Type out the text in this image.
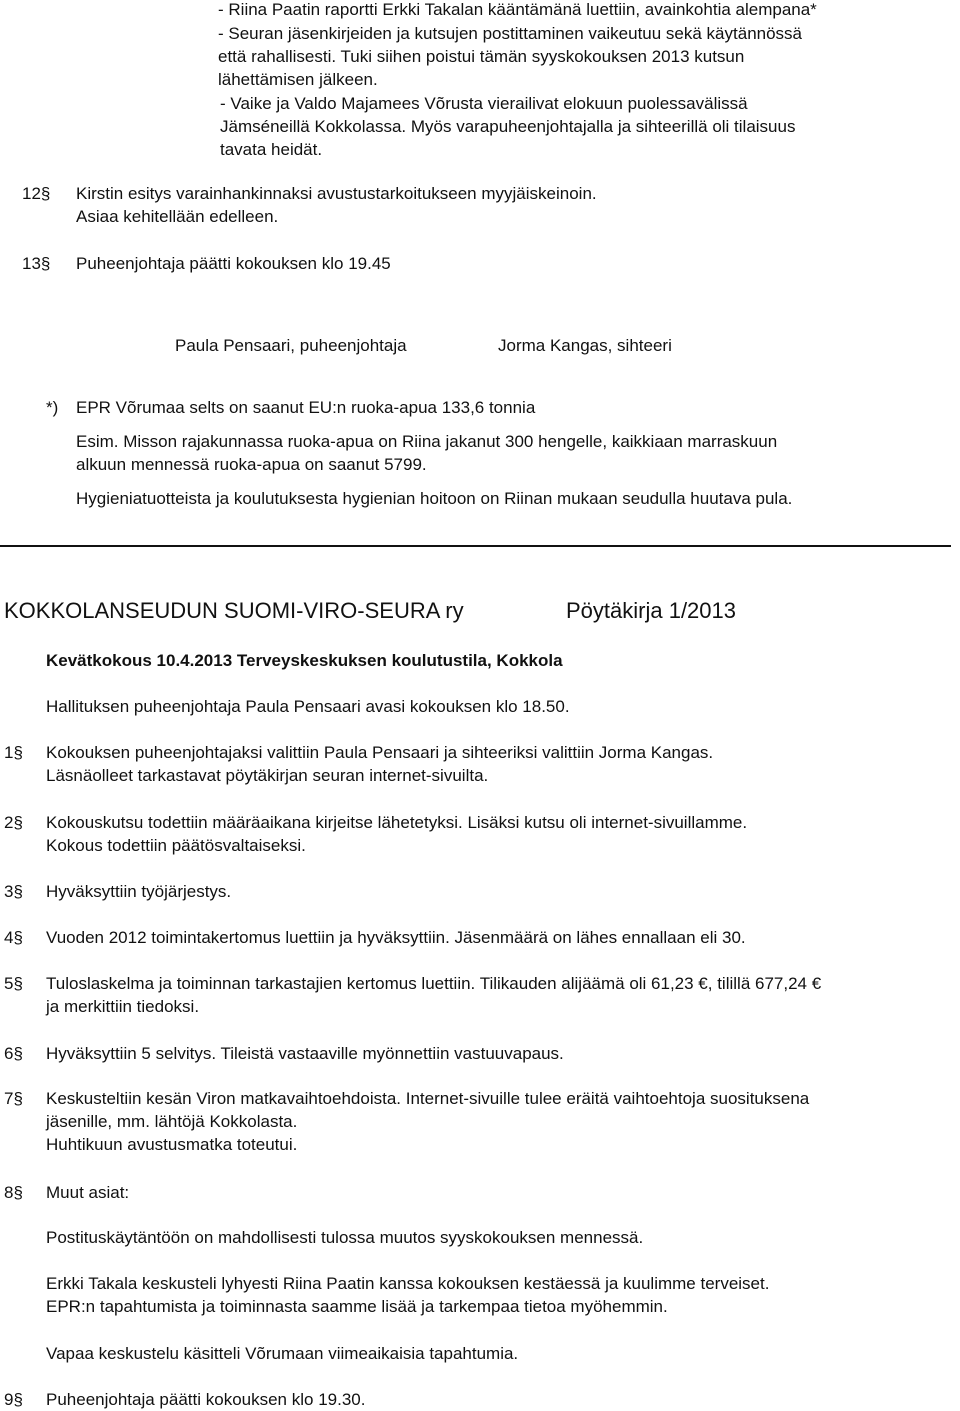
- Riina Paatin raportti Erkki Takalan kääntämänä luettiin, avainkohtia alempana*
- Seuran jäsenkirjeiden ja kutsujen postittaminen vaikeutuu sekä käytännössä
että rahallisesti. Tuki siihen poistui tämän syyskokouksen 2013 kutsun
lähettämisen jälkeen.
- Vaike ja Valdo Majamees Võrusta vierailivat elokuun puolessavälissä
Jämséneillä Kokkolassa. Myös varapuheenjohtajalla ja sihteerillä oli tilaisuus
tavata heidät.
12§ Kirstin esitys varainhankinnaksi avustustarkoitukseen myyjäiskeinoin.
Asiaa kehitellään edelleen.
13§ Puheenjohtaja päätti kokouksen klo 19.45
Paula Pensaari, puheenjohtaja	Jorma Kangas, sihteeri
*) EPR Võrumaa selts on saanut EU:n ruoka-apua 133,6 tonnia
Esim. Misson rajakunnassa ruoka-apua on Riina jakanut 300 hengelle, kaikkiaan marraskuun
alkuun mennessä ruoka-apua on saanut 5799.
Hygieniatuotteista ja koulutuksesta hygienian hoitoon on Riinan mukaan seudulla huutava pula.
KOKKOLANSEUDUN SUOMI-VIRO-SEURA ry	Pöytäkirja 1/2013
Kevätkokous 10.4.2013 Terveyskeskuksen koulutustila, Kokkola
Hallituksen puheenjohtaja Paula Pensaari avasi kokouksen klo 18.50.
1§ Kokouksen puheenjohtajaksi valittiin Paula Pensaari ja sihteeriksi valittiin Jorma Kangas.
Läsnäolleet tarkastavat pöytäkirjan seuran internet-sivuilta.
2§ Kokouskutsu todettiin määräaikana kirjeitse lähetetyksi. Lisäksi kutsu oli internet-sivuillamme.
Kokous todettiin päätösvaltaiseksi.
3§ Hyväksyttiin työjärjestys.
4§ Vuoden 2012 toimintakertomus luettiin ja hyväksyttiin. Jäsenmäärä on lähes ennallaan eli 30.
5§ Tuloslaskelma ja toiminnan tarkastajien kertomus luettiin. Tilikauden alijäämä oli 61,23 €, tilillä 677,24 €
ja merkittiin tiedoksi.
6§ Hyväksyttiin 5 selvitys. Tileistä vastaaville myönnettiin vastuuvapaus.
7§ Keskusteltiin kesän Viron matkavaihtoehdoista. Internet-sivuille tulee eräitä vaihtoehtoja suosituksena
jäsenille, mm. lähtöjä Kokkolasta.
Huhtikuun avustusmatka toteutui.
8§ Muut asiat:
Postituskäytäntöön on mahdollisesti tulossa muutos syyskokouksen mennessä.
Erkki Takala keskusteli lyhyesti Riina Paatin kanssa kokouksen kestäessä ja kuulimme terveiset.
EPR:n tapahtumista ja toiminnasta saamme lisää ja tarkempaa tietoa myöhemmin.
Vapaa keskustelu käsitteli Võrumaan viimeaikaisia tapahtumia.
9§ Puheenjohtaja päätti kokouksen klo 19.30.
